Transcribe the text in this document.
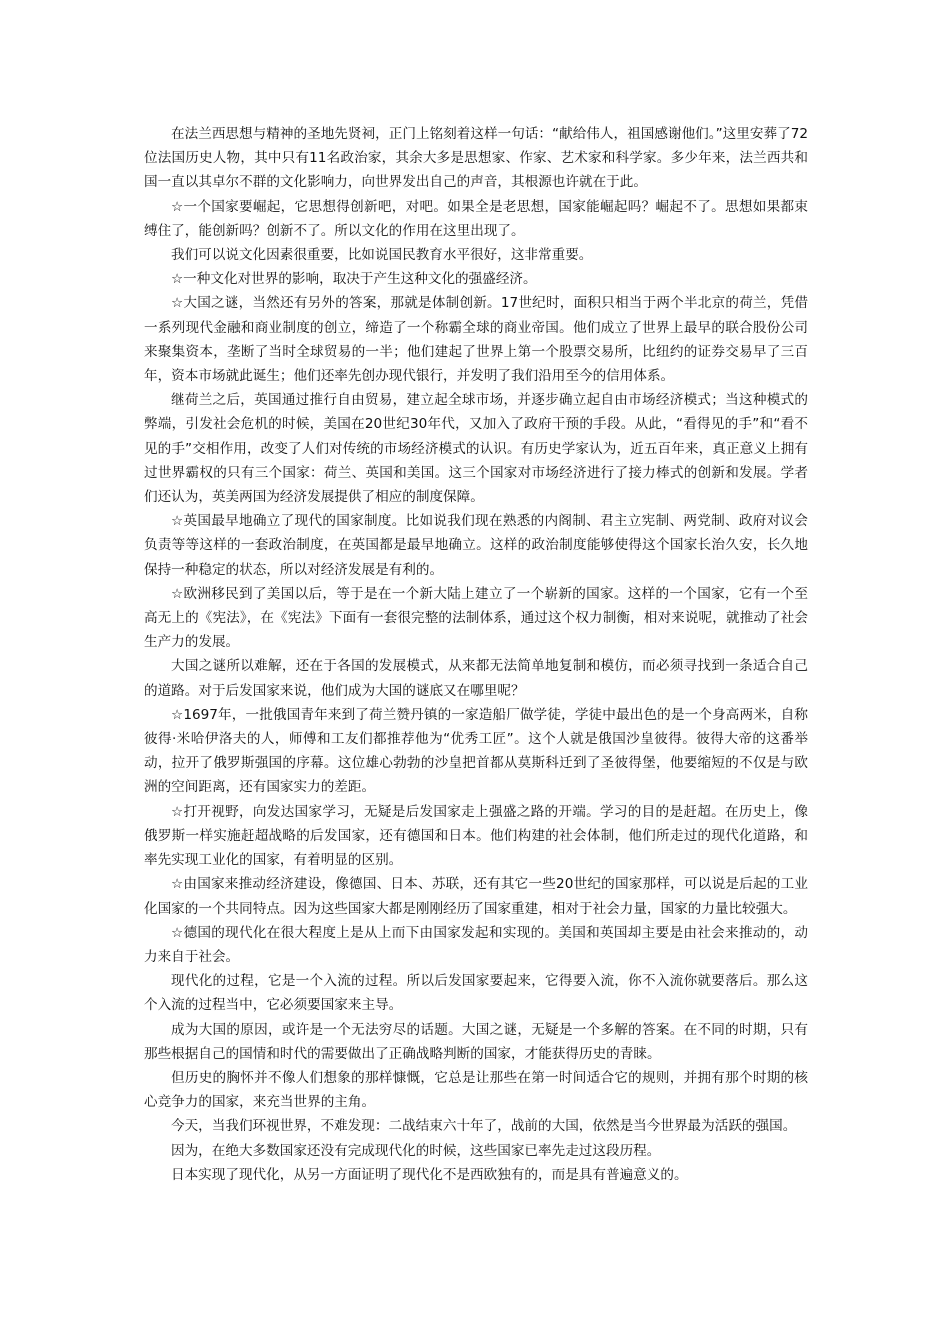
在法兰西思想与精神的圣地先贤祠，正门上铭刻着这样一句话：“献给伟人，祖国感谢他们。”这里安葬了72位法国历史人物，其中只有11名政治家，其余大多是思想家、作家、艺术家和科学家。多少年来，法兰西共和国一直以其卓尔不群的文化影响力，向世界发出自己的声音，其根源也许就在于此。

☆一个国家要崛起，它思想得创新吧，对吧。如果全是老思想，国家能崛起吗？崛起不了。思想如果都束缚住了，能创新吗？创新不了。所以文化的作用在这里出现了。

我们可以说文化因素很重要，比如说国民教育水平很好，这非常重要。

☆一种文化对世界的影响，取决于产生这种文化的强盛经济。

☆大国之谜，当然还有另外的答案，那就是体制创新。17世纪时，面积只相当于两个半北京的荷兰，凭借一系列现代金融和商业制度的创立，缔造了一个称霸全球的商业帝国。他们成立了世界上最早的联合股份公司来聚集资本，垄断了当时全球贸易的一半；他们建起了世界上第一个股票交易所，比纽约的证券交易早了三百年，资本市场就此诞生；他们还率先创办现代银行，并发明了我们沿用至今的信用体系。

继荷兰之后，英国通过推行自由贸易，建立起全球市场，并逐步确立起自由市场经济模式；当这种模式的弊端，引发社会危机的时候，美国在20世纪30年代，又加入了政府干预的手段。从此，“看得见的手”和“看不见的手”交相作用，改变了人们对传统的市场经济模式的认识。有历史学家认为，近五百年来，真正意义上拥有过世界霸权的只有三个国家：荷兰、英国和美国。这三个国家对市场经济进行了接力棒式的创新和发展。学者们还认为，英美两国为经济发展提供了相应的制度保障。

☆英国最早地确立了现代的国家制度。比如说我们现在熟悉的内阁制、君主立宪制、两党制、政府对议会负责等等这样的一套政治制度，在英国都是最早地确立。这样的政治制度能够使得这个国家长治久安，长久地保持一种稳定的状态，所以对经济发展是有利的。

☆欧洲移民到了美国以后，等于是在一个新大陆上建立了一个崭新的国家。这样的一个国家，它有一个至高无上的《宪法》，在《宪法》下面有一套很完整的法制体系，通过这个权力制衡，相对来说呢，就推动了社会生产力的发展。

大国之谜所以难解，还在于各国的发展模式，从来都无法简单地复制和模仿，而必须寻找到一条适合自己的道路。对于后发国家来说，他们成为大国的谜底又在哪里呢？

☆1697年，一批俄国青年来到了荷兰赞丹镇的一家造船厂做学徒，学徒中最出色的是一个身高两米，自称彼得·米哈伊洛夫的人，师傅和工友们都推荐他为“优秀工匠”。这个人就是俄国沙皇彼得。彼得大帝的这番举动，拉开了俄罗斯强国的序幕。这位雄心勃勃的沙皇把首都从莫斯科迁到了圣彼得堡，他要缩短的不仅是与欧洲的空间距离，还有国家实力的差距。

☆打开视野，向发达国家学习，无疑是后发国家走上强盛之路的开端。学习的目的是赶超。在历史上，像俄罗斯一样实施赶超战略的后发国家，还有德国和日本。他们构建的社会体制，他们所走过的现代化道路，和率先实现工业化的国家，有着明显的区别。

☆由国家来推动经济建设，像德国、日本、苏联，还有其它一些20世纪的国家那样，可以说是后起的工业化国家的一个共同特点。因为这些国家大都是刚刚经历了国家重建，相对于社会力量，国家的力量比较强大。

☆德国的现代化在很大程度上是从上而下由国家发起和实现的。美国和英国却主要是由社会来推动的，动力来自于社会。

现代化的过程，它是一个入流的过程。所以后发国家要起来，它得要入流，你不入流你就要落后。那么这个入流的过程当中，它必须要国家来主导。

成为大国的原因，或许是一个无法穷尽的话题。大国之谜，无疑是一个多解的答案。在不同的时期，只有那些根据自己的国情和时代的需要做出了正确战略判断的国家，才能获得历史的青睐。

但历史的胸怀并不像人们想象的那样慷慨，它总是让那些在第一时间适合它的规则，并拥有那个时期的核心竞争力的国家，来充当世界的主角。

今天，当我们环视世界，不难发现：二战结束六十年了，战前的大国，依然是当今世界最为活跃的强国。

因为，在绝大多数国家还没有完成现代化的时候，这些国家已率先走过这段历程。

日本实现了现代化，从另一方面证明了现代化不是西欧独有的，而是具有普遍意义的。
